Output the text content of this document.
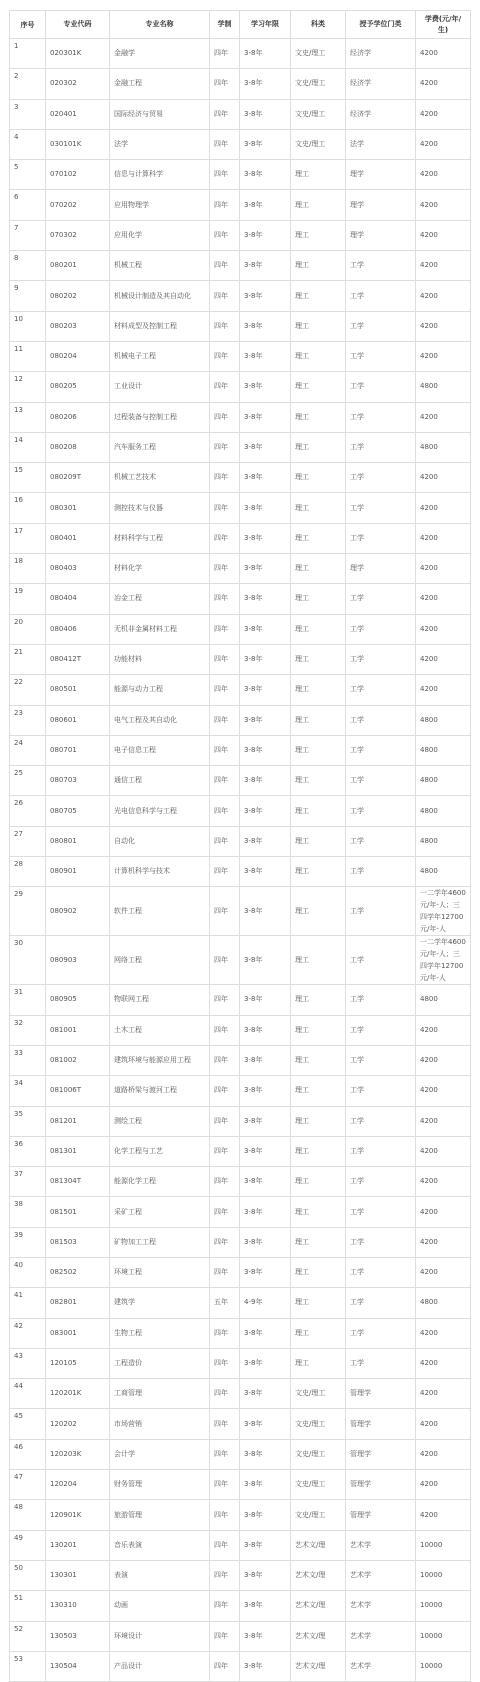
序号	专业代码	专业名称	学制	学习年限	科类	授予学位门类	学费(元/年/生)
1	020301K	金融学	四年	3-8年	文史/理工	经济学	4200
2	020302	金融工程	四年	3-8年	文史/理工	经济学	4200
3	020401	国际经济与贸易	四年	3-8年	文史/理工	经济学	4200
4	030101K	法学	四年	3-8年	文史/理工	法学	4200
5	070102	信息与计算科学	四年	3-8年	理工	理学	4200
6	070202	应用物理学	四年	3-8年	理工	理学	4200
7	070302	应用化学	四年	3-8年	理工	理学	4200
8	080201	机械工程	四年	3-8年	理工	工学	4200
9	080202	机械设计制造及其自动化	四年	3-8年	理工	工学	4200
10	080203	材料成型及控制工程	四年	3-8年	理工	工学	4200
11	080204	机械电子工程	四年	3-8年	理工	工学	4200
12	080205	工业设计	四年	3-8年	理工	工学	4800
13	080206	过程装备与控制工程	四年	3-8年	理工	工学	4200
14	080208	汽车服务工程	四年	3-8年	理工	工学	4800
15	080209T	机械工艺技术	四年	3-8年	理工	工学	4200
16	080301	测控技术与仪器	四年	3-8年	理工	工学	4200
17	080401	材料科学与工程	四年	3-8年	理工	工学	4200
18	080403	材料化学	四年	3-8年	理工	理学	4200
19	080404	冶金工程	四年	3-8年	理工	工学	4200
20	080406	无机非金属材料工程	四年	3-8年	理工	工学	4200
21	080412T	功能材料	四年	3-8年	理工	工学	4200
22	080501	能源与动力工程	四年	3-8年	理工	工学	4200
23	080601	电气工程及其自动化	四年	3-8年	理工	工学	4800
24	080701	电子信息工程	四年	3-8年	理工	工学	4800
25	080703	通信工程	四年	3-8年	理工	工学	4800
26	080705	光电信息科学与工程	四年	3-8年	理工	工学	4800
27	080801	自动化	四年	3-8年	理工	工学	4800
28	080901	计算机科学与技术	四年	3-8年	理工	工学	4800
29	080902	软件工程	四年	3-8年	理工	工学	一二学年4600元/年-人；三四学年12700元/年-人
30	080903	网络工程	四年	3-8年	理工	工学	一二学年4600元/年-人；三四学年12700元/年-人
31	080905	物联网工程	四年	3-8年	理工	工学	4800
32	081001	土木工程	四年	3-8年	理工	工学	4200
33	081002	建筑环境与能源应用工程	四年	3-8年	理工	工学	4200
34	081006T	道路桥梁与渡河工程	四年	3-8年	理工	工学	4200
35	081201	测绘工程	四年	3-8年	理工	工学	4200
36	081301	化学工程与工艺	四年	3-8年	理工	工学	4200
37	081304T	能源化学工程	四年	3-8年	理工	工学	4200
38	081501	采矿工程	四年	3-8年	理工	工学	4200
39	081503	矿物加工工程	四年	3-8年	理工	工学	4200
40	082502	环境工程	四年	3-8年	理工	工学	4200
41	082801	建筑学	五年	4-9年	理工	工学	4800
42	083001	生物工程	四年	3-8年	理工	工学	4200
43	120105	工程造价	四年	3-8年	理工	工学	4200
44	120201K	工商管理	四年	3-8年	文史/理工	管理学	4200
45	120202	市场营销	四年	3-8年	文史/理工	管理学	4200
46	120203K	会计学	四年	3-8年	文史/理工	管理学	4200
47	120204	财务管理	四年	3-8年	文史/理工	管理学	4200
48	120901K	旅游管理	四年	3-8年	文史/理工	管理学	4200
49	130201	音乐表演	四年	3-8年	艺术文/理	艺术学	10000
50	130301	表演	四年	3-8年	艺术文/理	艺术学	10000
51	130310	动画	四年	3-8年	艺术文/理	艺术学	10000
52	130503	环境设计	四年	3-8年	艺术文/理	艺术学	10000
53	130504	产品设计	四年	3-8年	艺术文/理	艺术学	10000
